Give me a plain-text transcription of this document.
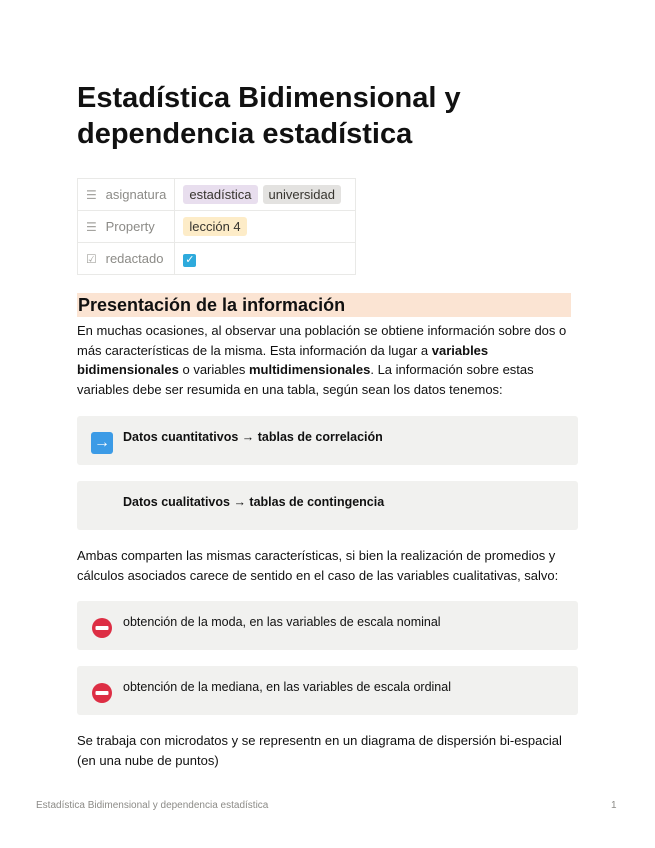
Estadística Bidimensional y dependencia estadística
☰ asignatura	estadística universidad
☰ Property	lección 4
☑ redactado	✓
Presentación de la información

En muchas ocasiones, al observar una población se obtiene información sobre dos o más características de la misma. Esta información da lugar a variables bidimensionales o variables multidimensionales. La información sobre estas variables debe ser resumida en una tabla, según sean los datos tenemos:

→ Datos cuantitativos → tablas de correlación
Datos cualitativos → tablas de contingencia

Ambas comparten las mismas características, si bien la realización de promedios y cálculos asociados carece de sentido en el caso de las variables cualitativas, salvo:

obtención de la moda, en las variables de escala nominal
obtención de la mediana, en las variables de escala ordinal

Se trabaja con microdatos y se representn en un diagrama de dispersión bi-espacial (en una nube de puntos)

Estadística Bidimensional y dependencia estadística	1
